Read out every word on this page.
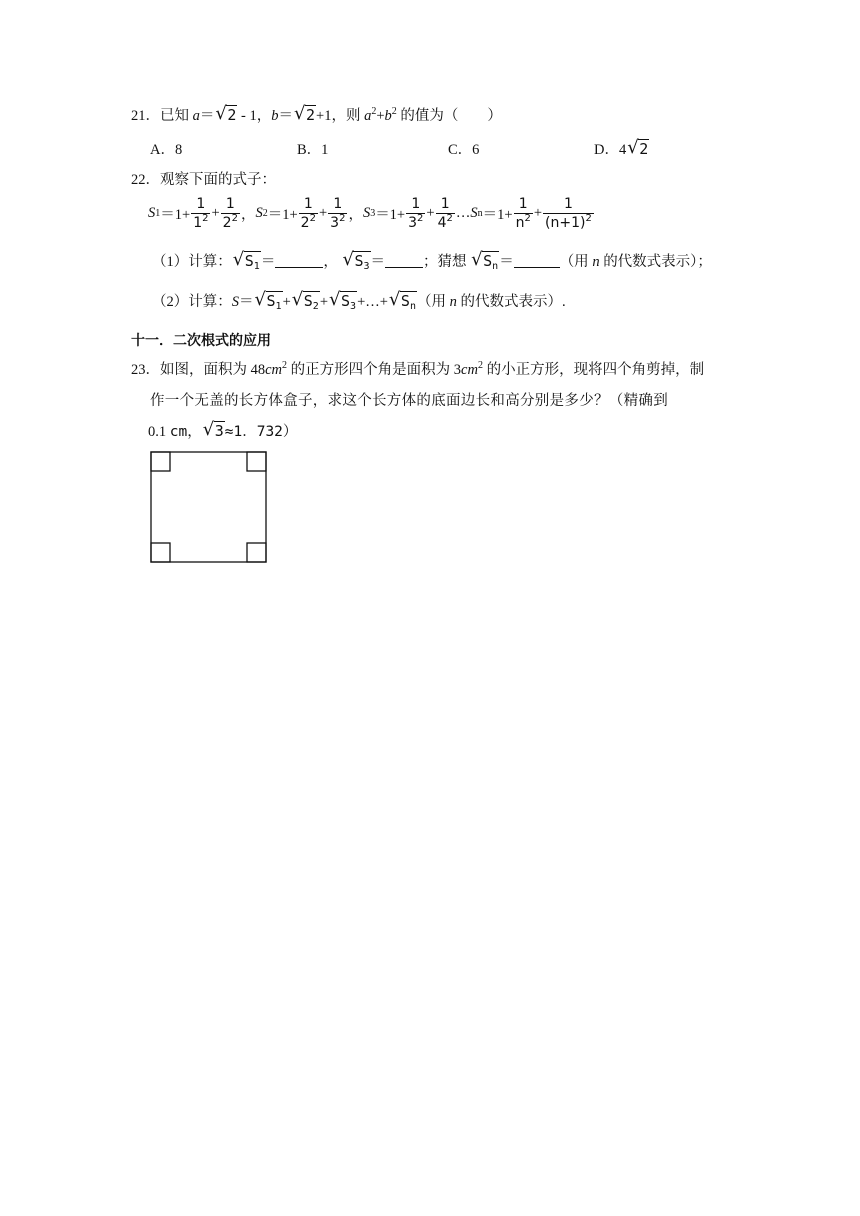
21．已知 a＝√ 2 - 1，b＝√ 2+1，则 $a^2+b^2$ 的值为（　　）
A．8	B．1	C．6	D．4√ 2
22．观察下面的式子：
S $1 =1+ \frac{1}{1^2} + \frac{1}{2^2}$ ， S $2 =1+ \frac{1}{2^2} + \frac{1}{3^2}$ ， S $3 =1+ \frac{1}{3^2} + \frac{1}{4^2}$ … S $n =1+ \frac{1}{n^2} + \frac{1}{(n+1)^2}$
（1）计算：√ $S_1=$	， √ $S_3=$	；猜想 √ $S_n=$	（用 n 的代数式表示）；
（2）计算：S＝√ $S_1+√$ $S_2+√$ $S_3+\dots+√$ $S_n$（用 n 的代数式表示）.
十一．二次根式的应用
23．如图，面积为 $48cm^2$ 的正方形四个角是面积为 $3cm^2$ 的小正方形，现将四个角剪掉，制
作一个无盖的长方体盒子，求这个长方体的底面边长和高分别是多少？（精确到
0.1 cm，√ 3≈1．732）
